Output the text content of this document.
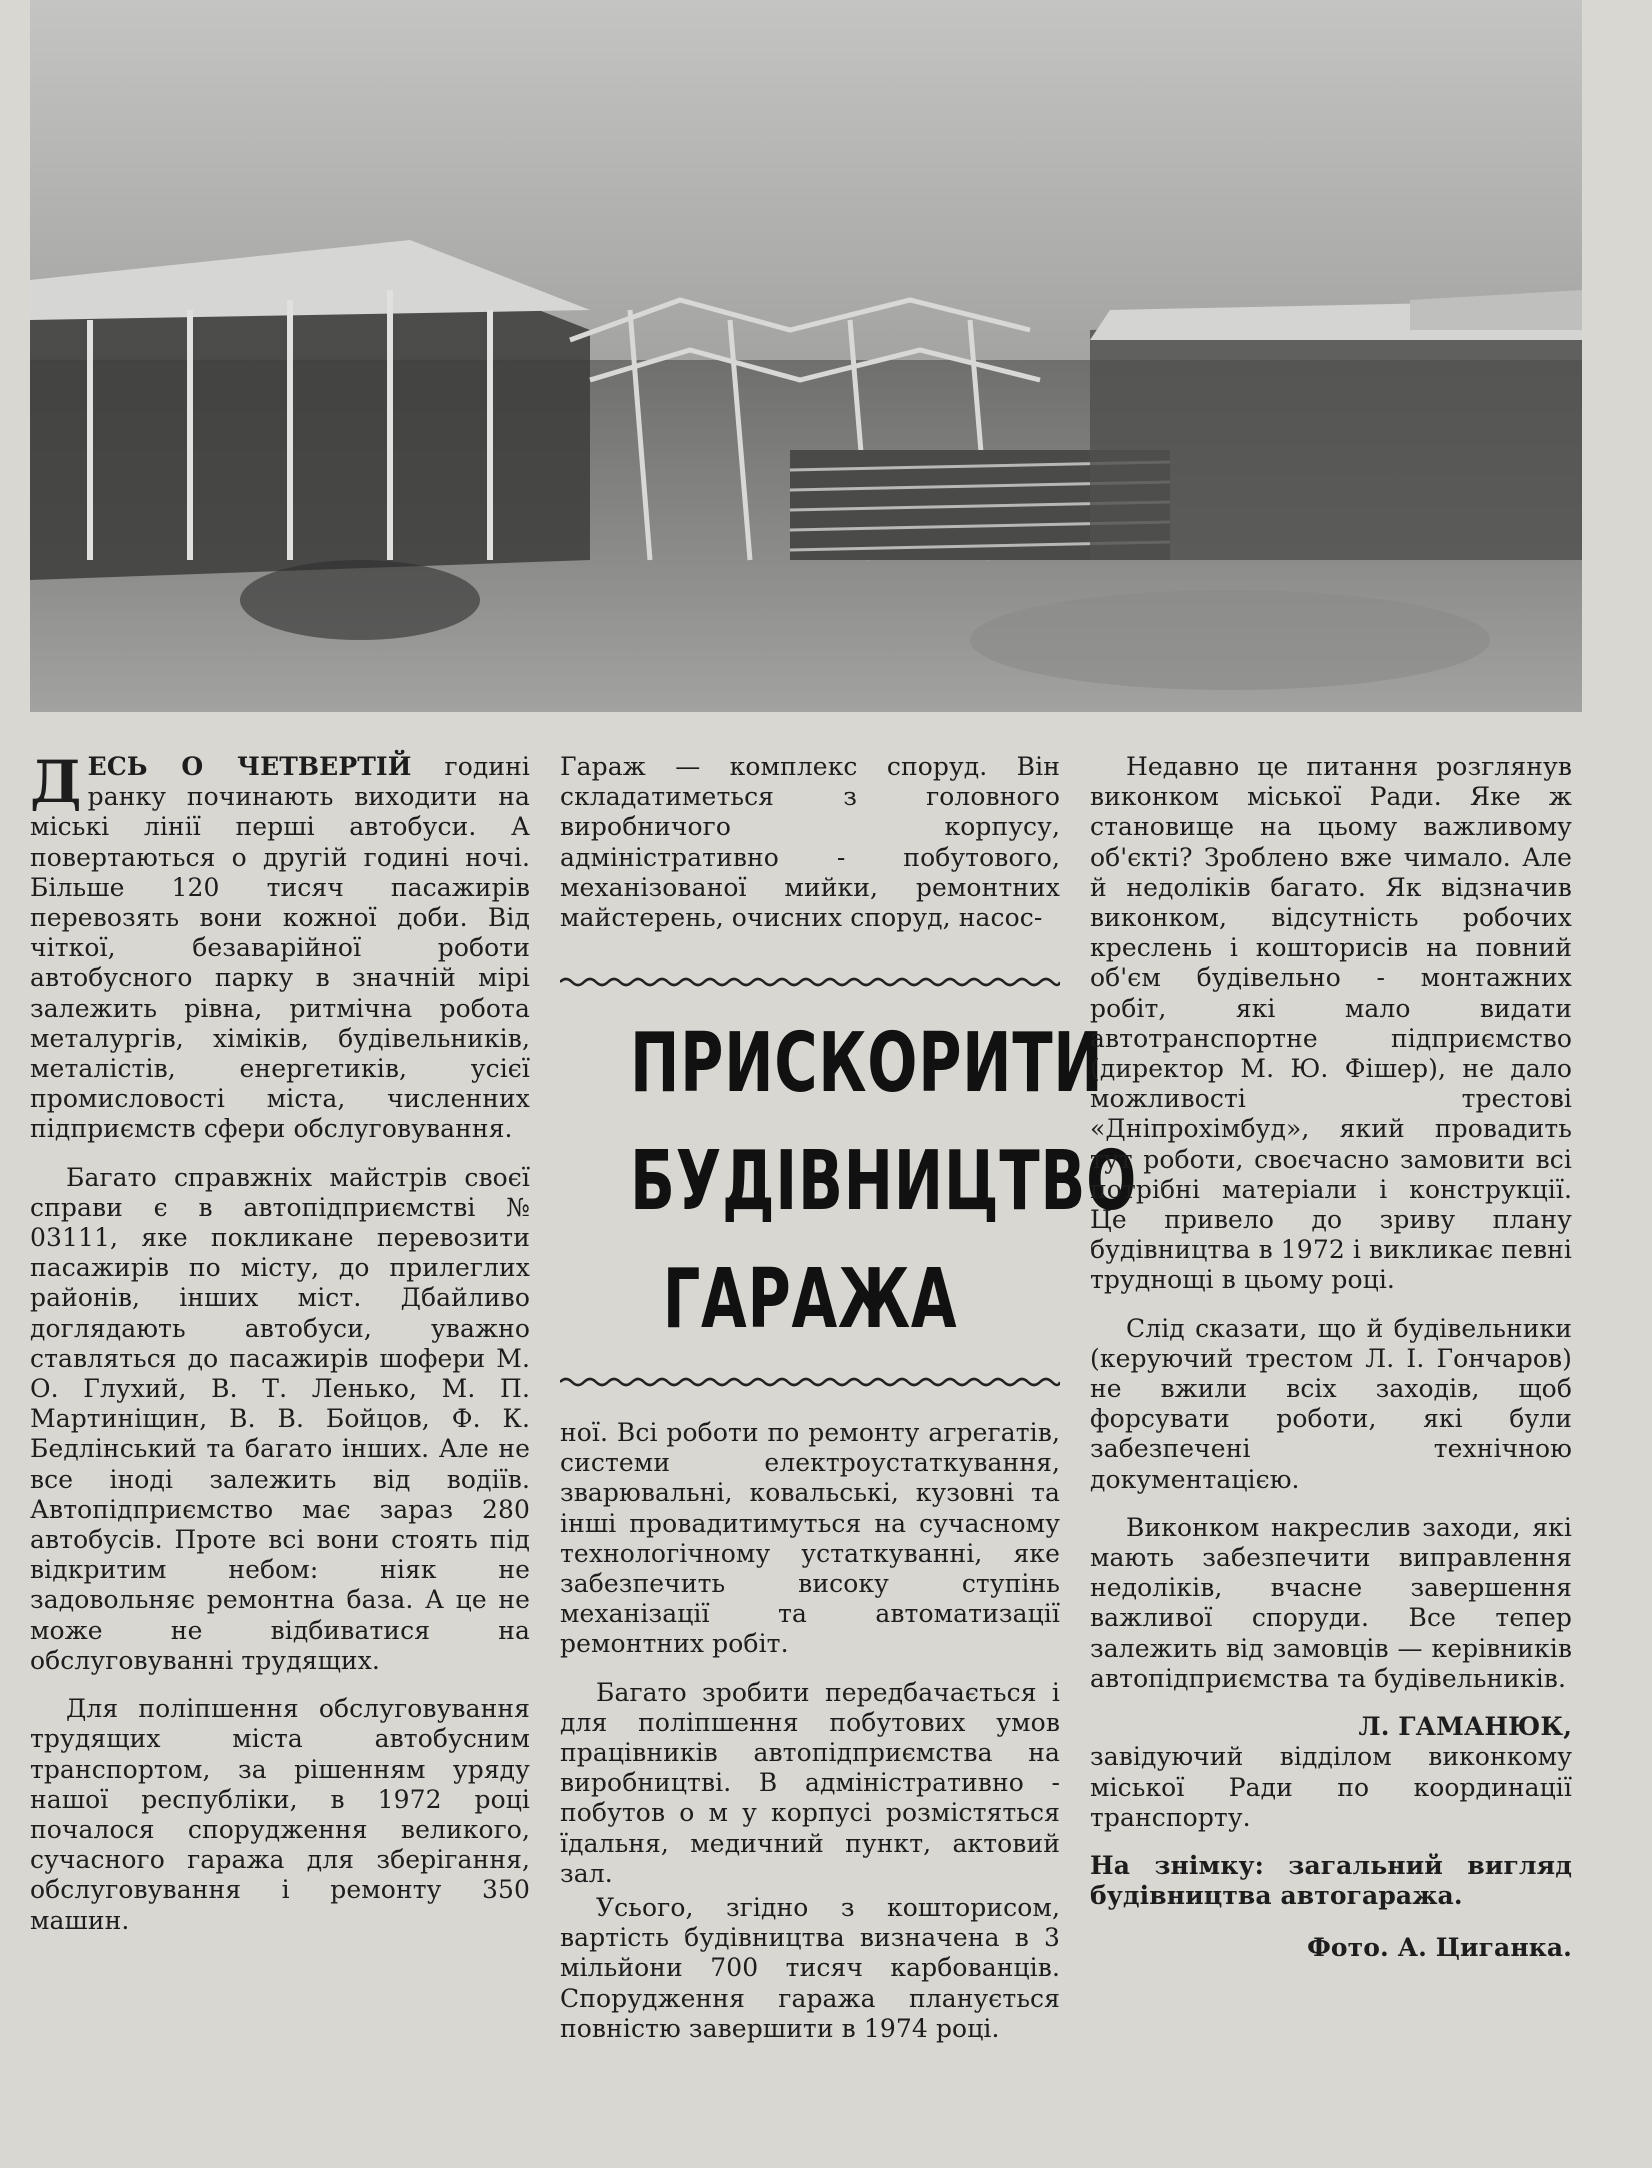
ДЕСЬ О ЧЕТВЕРТІЙ годині ранку починають виходити на міські лінії перші автобуси. А повертаються о другій годині ночі. Більше 120 тисяч пасажирів перевозять вони кожної доби. Від чіткої, безаварійної роботи автобусного парку в значній мірі залежить рівна, ритмічна робота металургів, хіміків, будівельників, металістів, енергетиків, усієї промисловості міста, численних підприємств сфери обслуговування.

Багато справжніх майстрів своєї справи є в автопідприємстві № 03111, яке покликане перевозити пасажирів по місту, до прилеглих районів, інших міст. Дбайливо доглядають автобуси, уважно ставляться до пасажирів шофери М. О. Глухий, В. Т. Ленько, М. П. Мартиніщин, В. В. Бойцов, Ф. К. Бедлінський та багато інших. Але не все іноді залежить від водіїв. Автопідприємство має зараз 280 автобусів. Проте всі вони стоять під відкритим небом: ніяк не задовольняє ремонтна база. А це не може не відбиватися на обслуговуванні трудящих.

Для поліпшення обслуговування трудящих міста автобусним транспортом, за рішенням уряду нашої республіки, в 1972 році почалося спорудження великого, сучасного гаража для зберігання, обслуговування і ремонту 350 машин.

Гараж — комплекс споруд. Він складатиметься з головного виробничого корпусу, адміністративно - побутового, механізованої мийки, ремонтних майстерень, очисних споруд, насос-

ПРИСКОРИТИ
БУДІВНИЦТВО
ГАРАЖА

ної. Всі роботи по ремонту агрегатів, системи електроустаткування, зварювальні, ковальські, кузовні та інші провадитимуться на сучасному технологічному устаткуванні, яке забезпечить високу ступінь механізації та автоматизації ремонтних робіт.

Багато зробити передбачається і для поліпшення побутових умов працівників автопідприємства на виробництві. В адміністративно - побутов о м у корпусі розмістяться їдальня, медичний пункт, актовий зал.

Усього, згідно з кошторисом, вартість будівництва визначена в 3 мільйони 700 тисяч карбованців. Спорудження гаража планується повністю завершити в 1974 році.

Недавно це питання розглянув виконком міської Ради. Яке ж становище на цьому важливому об'єкті? Зроблено вже чимало. Але й недоліків багато. Як відзначив виконком, відсутність робочих креслень і кошторисів на повний об'єм будівельно - монтажних робіт, які мало видати автотранспортне підприємство (директор М. Ю. Фішер), не дало можливості трестові «Дніпрохімбуд», який провадить тут роботи, своєчасно замовити всі потрібні матеріали і конструкції. Це привело до зриву плану будівництва в 1972 і викликає певні труднощі в цьому році.

Слід сказати, що й будівельники (керуючий трестом Л. І. Гончаров) не вжили всіх заходів, щоб форсувати роботи, які були забезпечені технічною документацією.

Виконком накреслив заходи, які мають забезпечити виправлення недоліків, вчасне завершення важливої споруди. Все тепер залежить від замовців — керівників автопідприємства та будівельників.

Л. ГАМАНЮК,

завідуючий відділом виконкому міської Ради по координації транспорту.

На знімку: загальний вигляд будівництва автогаража.

Фото. А. Циганка.
